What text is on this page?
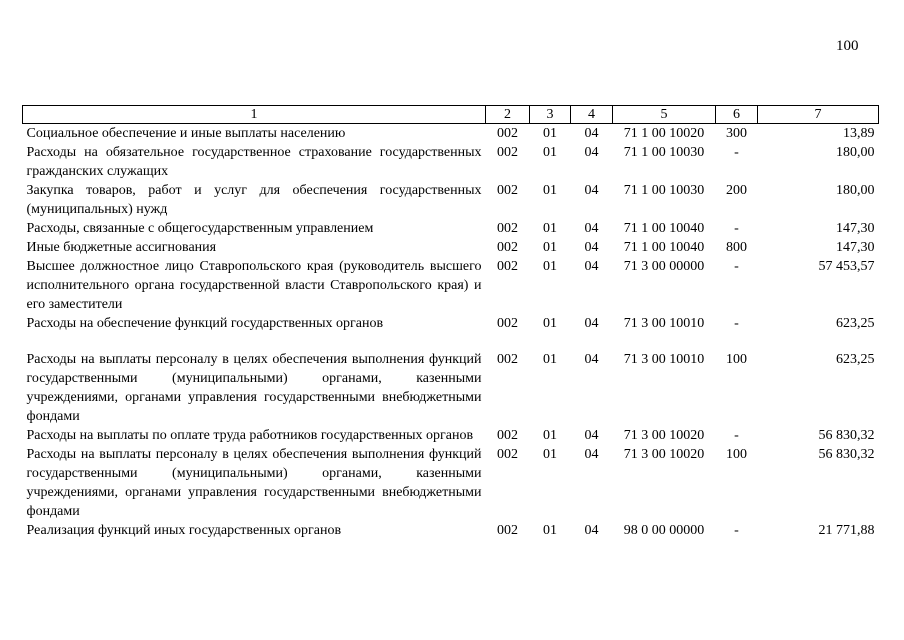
100
1	2	3	4	5	6	7
Социальное обеспечение и иные выплаты населению	002	01	04	71 1 00 10020	300	13,89
Расходы на обязательное государственное страхование государственных гражданских служащих	002	01	04	71 1 00 10030	-	180,00
Закупка товаров, работ и услуг для обеспечения государственных (муниципальных) нужд	002	01	04	71 1 00 10030	200	180,00
Расходы, связанные с общегосударственным управлением	002	01	04	71 1 00 10040	-	147,30
Иные бюджетные ассигнования	002	01	04	71 1 00 10040	800	147,30
Высшее должностное лицо Ставропольского края (руководитель высшего исполнительного органа государственной власти Ставропольского края) и его заместители	002	01	04	71 3 00 00000	-	57 453,57
Расходы на обеспечение функций государственных органов	002	01	04	71 3 00 10010	-	623,25
Расходы на выплаты персоналу в целях обеспечения выполнения функций государственными (муниципальными) органами, казенными учреждениями, органами управления государственными внебюджетными фондами	002	01	04	71 3 00 10010	100	623,25
Расходы на выплаты по оплате труда работников государственных органов	002	01	04	71 3 00 10020	-	56 830,32
Расходы на выплаты персоналу в целях обеспечения выполнения функций государственными (муниципальными) органами, казенными учреждениями, органами управления государственными внебюджетными фондами	002	01	04	71 3 00 10020	100	56 830,32
Реализация функций иных государственных органов	002	01	04	98 0 00 00000	-	21 771,88
